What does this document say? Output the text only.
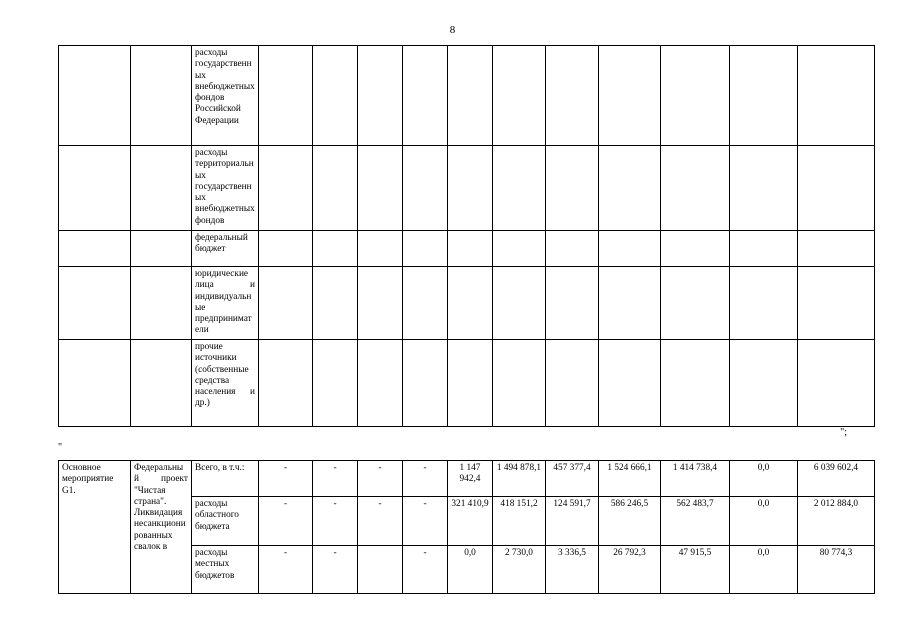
8
		расходы государственных внебюджетных фондов Российской Федерации											
		расходы территориальных государственных внебюджетных фондов											
		федеральный бюджет											
		юридические лица и индивидуальные предприниматели											
		прочие источники (собственные средства населения и др.)											
";
"
Основное мероприятие G1.	Федеральный проект "Чистая страна". Ликвидация несанкционированных свалок в	Всего, в т.ч.:	-	-	-	-	1 147 942,4	1 494 878,1	457 377,4	1 524 666,1	1 414 738,4	0,0	6 039 602,4
		расходы областного бюджета	-	-	-	-	321 410,9	418 151,2	124 591,7	586 246,5	562 483,7	0,0	2 012 884,0
		расходы местных бюджетов	-	-		-	0,0	2 730,0	3 336,5	26 792,3	47 915,5	0,0	80 774,3
